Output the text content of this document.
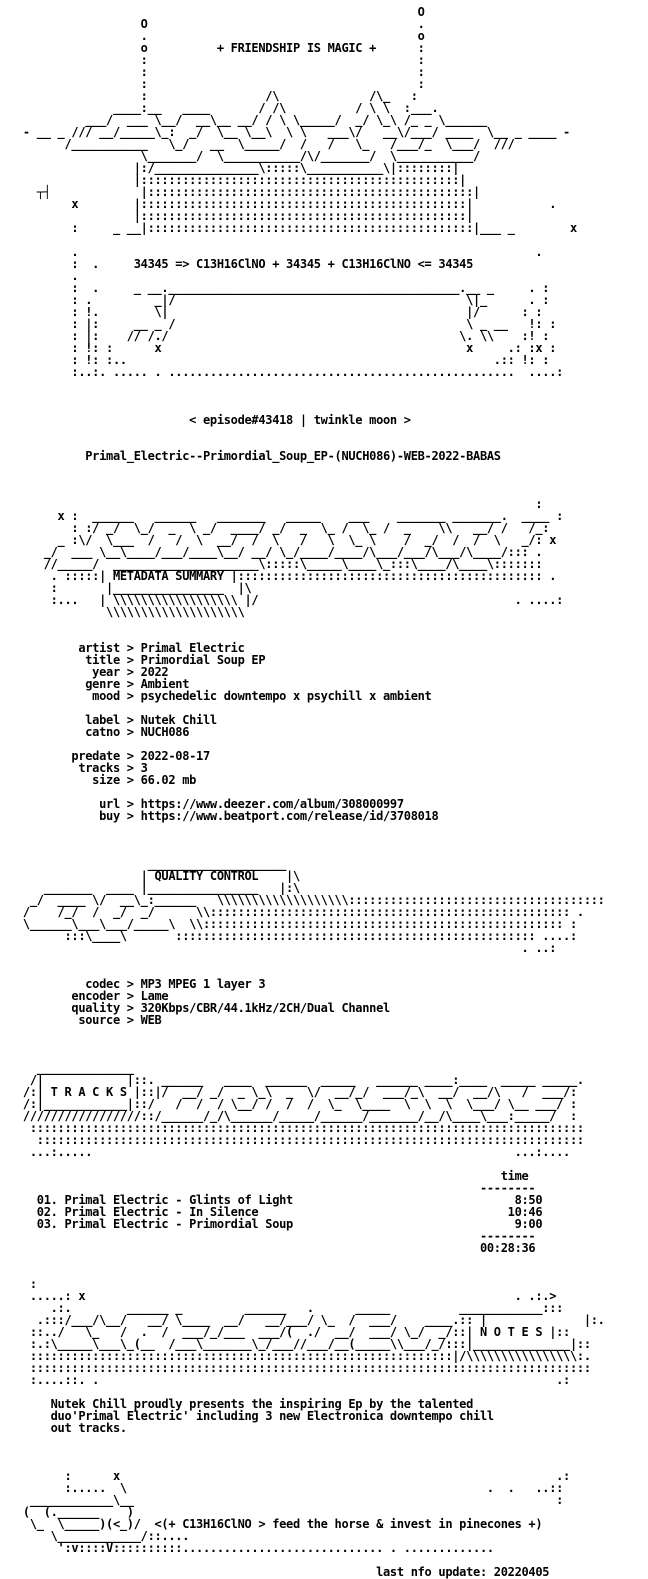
O
O                                       .
.                                       o
o          + FRIENDSHIP IS MAGIC +      :
:                                       :
:                                       :
:                                       :
:                 /\             /\_   :
____:__   ____       / /\          / \ \  :___.
___/  ___ \__/  __\__ __/ / \ \_____/  _/ \_\ /_ _ \______
- __ _ /// __/_____\_:  _/  \__ \__\  \ \   ___\/   __\/___/ ____  \__ _ ____ -
/___________   \_/   __  \_____/  /   /   \_   /___/_  \___/  ///
\_______/  \___________/\/_______/  \___________/
|:/_______________\:::::\___________\|::::::::|
|::::::::::::::::::::::::::::::::::::::::::::::|
┬┤             |:::::::::::::::::::::::::::::::::::::::::::::::|
x        |:::::::::::::::::::::::::::::::::::::::::::::::|           .
|:::::::::::::::::::::::::::::::::::::::::::::::|
:     _ __|:::::::::::::::::::::::::::::::::::::::::::::::|___ _        x

.                                                                  .
:  .     34345 => C13H16ClNO + 34345 + C13H16ClNO <= 34345
.
:  .     _ __.__________________________________________.__ _     . :
: .         _|/                                          \|_      . :
: !.        \|                                           |/      : :
: |:     __ _ /                                          \ _ __   !: :
: |:    // /./                                          \. \\    :! :
: !: :      x                                            x     .: :x :
: !: :..                                                     .:: !: :
:..:. ..... . ..................................................  ....:

< episode#43418 | twinkle moon >

Primal_Electric--Primordial_Soup_EP-(NUCH086)-WEB-2022-BABAS

:
x :  ______   ______   _______   _____    ___    _______ _______.  ____ :
: :/ _/  \_/  _  \ _/  ____/ _/  _  \_ /  \_ /  _    \\   __/ /   /_:
_ :\/  \___  /   /  \  __/  /  \   /   \  \_ \    /  _/  /  /  \   _/: x
_/  ___ \__\____/___/____\__/ __/ \_/____/____/\___/___/\___/\____/::: .
//_____/  _____________________\:::::\_____\____\_:::\____/\____\:::::::
. :::::| METADATA SUMMARY |:::::::::::::::::::::::::::::::::::::::::::: .
:       |________________  |\
:...   | \\\\\\\\\\\\\\\\\\ |/                                     . ....:
\\\\\\\\\\\\\\\\\\\\

artist > Primal Electric
title > Primordial Soup EP
year > 2022
genre > Ambient
mood > psychedelic downtempo x psychill x ambient

label > Nutek Chill
catno > NUCH086

predate > 2022-08-17
tracks > 3
size > 66.02 mb

url > https://www.deezer.com/album/308000997
buy > https://www.beatport.com/release/id/3708018

____________________
| QUALITY CONTROL    |\
_______  ____ |________________   |:\
_/  ____ \/  __\_:______   \\\\\\\\\\\\\\\\\\\:::::::::::::::::::::::::::::::::::::
/    /_/  /  _/  _/      \\:::::::::::::::::::::::::::::::::::::::::::::::::::: .
\______\___\___/_____\  \\:::::::::::::::::::::::::::::::::::::::::::::::::::: :
:::\____\       :::::::::::::::::::::::::::::::::::::::::::::::::::: ....:
. ..:

codec > MP3 MPEG 1 layer 3
encoder > Lame
quality > 320Kbps/CBR/44.1kHz/2CH/Dual Channel
source > WEB

______________
/|            |::. ______   ____  ______  _____   ______ ____:____  _____ _____.
/:| T R A C K S |::|/  __/ _/  _ \_\  _  \/  __/_/  ___/_\  __/  __/\   /  ___/:
/:|____________|::/   /  /  / \__/ /  /  /  \_  \____  \  \  \  \___/ \__ ___/ :
/////////////////::/______/_/\______/_____/______/_______/__/\____\___:_____/  :
::::::::::::::::::::::::::::::::::::::::::::::::::::::::::::::::::::::::::::::::
:::::::::::::::::::::::::::::::::::::::::::::::::::::::::::::::::::::::::::::::
...:.....                                                             ...:....

time
--------
01. Primal Electric - Glints of Light                                8:50
02. Primal Electric - In Silence                                    10:46
03. Primal Electric - Primordial Soup                                9:00
--------
00:28:36

:
.....: x                                                              . .:.>
.:.        ______ _         ______   .      _____          ____________:::
.:::/___/\__/   __/ \____  __/   __/___/ \_  /  ___/    ____.:: |              |:.
::../   \_   /  .  /  ___/_/___  ___/(  ./  __/  ___/ \_/  _/::| N O T E S |::
:.:\_____\___\_(__  /___\_______\_/___//___/__(_____\\___/_/:::|______________|::
:::::::::::::::::::::::::::::::::::::::::::::::::::::::::::::|/\\\\\\\\\\\\\\\\:.
:::::::::::::::::::::::::::::::::::::::::::::::::::::::::::::::::::::::::::::::::
:....::. .                                                                  .:

Nutek Chill proudly presents the inspiring Ep by the talented
duo'Primal Electric' including 3 new Electronica downtempo chill
out tracks.

:      x                                                               .:
:.....  \                                                    .  .   ..::
____________\__                                                             :
(  (.______    )
\_  \_____)(<_)/  <(+ C13H16ClNO > feed the horse & invest in pinecones +)
\____________/::....
':v::::V::::::::::............................. . .............

last nfo update: 20220405
